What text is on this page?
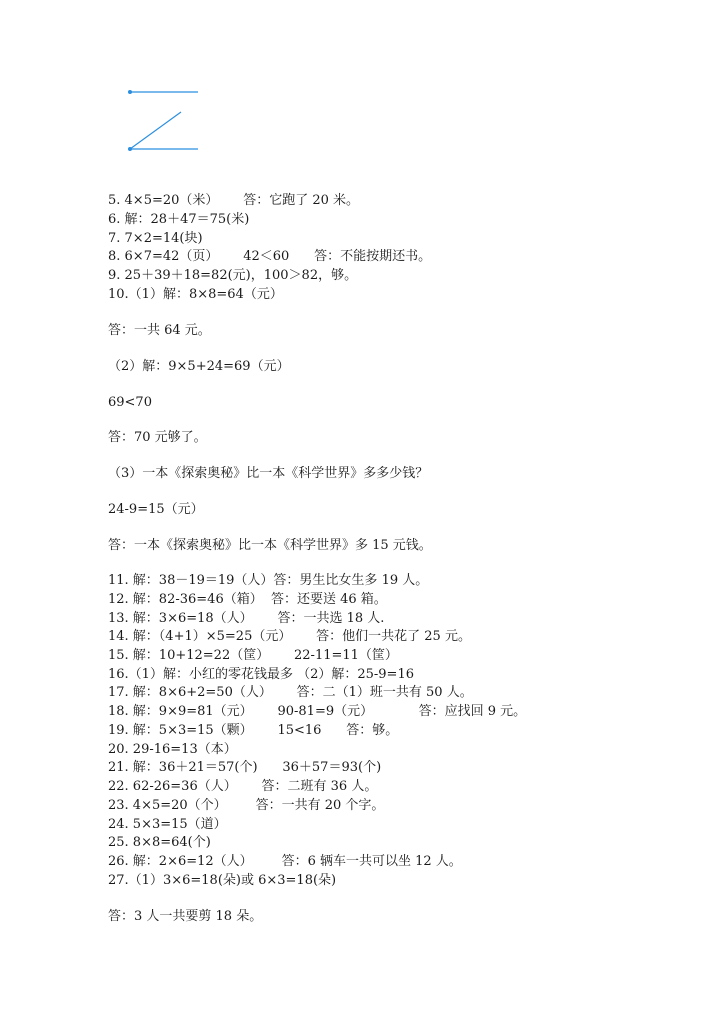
5. 4×5=20（米）      答：它跑了 20 米。
6. 解：28＋47＝75(米)
7. 7×2=14(块)
8. 6×7=42（页）      42＜60      答：不能按期还书。
9. 25＋39＋18=82(元)，100＞82，够。
10.（1）解：8×8=64（元）
答：一共 64 元。
（2）解：9×5+24=69（元）
69<70
答：70 元够了。
（3）一本《探索奥秘》比一本《科学世界》多多少钱？
24-9=15（元）
答：一本《探索奥秘》比一本《科学世界》多 15 元钱。
11. 解：38－19＝19（人）答：男生比女生多 19 人。
12. 解：82-36=46（箱）  答：还要送 46 箱。
13. 解：3×6=18（人）      答：一共选 18 人.
14. 解：（4+1）×5=25（元）      答：他们一共花了 25 元。
15. 解：10+12=22（筐）      22-11=11（筐）
16.（1）解：小红的零花钱最多 （2）解：25-9=16
17. 解：8×6+2=50（人）      答：二（1）班一共有 50 人。
18. 解：9×9=81（元）      90-81=9（元）           答：应找回 9 元。
19. 解：5×3=15（颗）      15<16      答：够。
20. 29-16=13（本）
21. 解：36＋21＝57(个)      36＋57＝93(个)
22. 62-26=36（人）      答：二班有 36 人。
23. 4×5=20（个）       答：一共有 20 个字。
24. 5×3=15（道）
25. 8×8=64(个)
26. 解：2×6=12（人）       答：6 辆车一共可以坐 12 人。
27.（1）3×6=18(朵)或 6×3=18(朵)
答：3 人一共要剪 18 朵。
